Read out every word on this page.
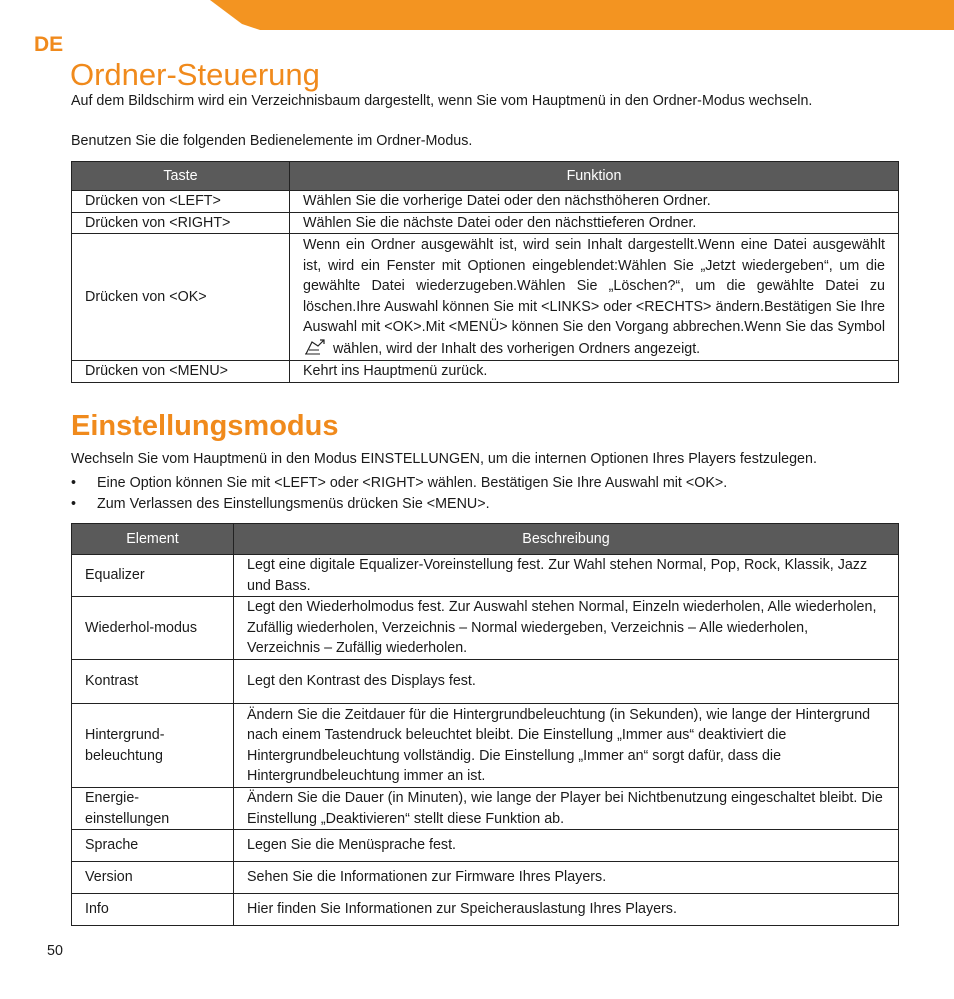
DE
Ordner-Steuerung

Auf dem Bildschirm wird ein Verzeichnisbaum dargestellt, wenn Sie vom Hauptmenü in den Ordner-Modus wechseln.

Benutzen Sie die folgenden Bedienelemente im Ordner-Modus.

Taste	Funktion
Drücken von <LEFT>	Wählen Sie die vorherige Datei oder den nächsthöheren Ordner.
Drücken von <RIGHT>	Wählen Sie die nächste Datei oder den nächsttieferen Ordner.
Drücken von <OK>	Wenn ein Ordner ausgewählt ist, wird sein Inhalt dargestellt.Wenn eine Datei ausgewählt ist, wird ein Fenster mit Optionen eingeblendet:Wählen Sie „Jetzt wiedergeben“, um die gewählte Datei wiederzugeben.Wählen Sie „Löschen?“, um die gewählte Datei zu löschen.Ihre Auswahl können Sie mit <LINKS> oder <RECHTS> ändern.Bestätigen Sie Ihre Auswahl mit <OK>.Mit <MENÜ> können Sie den Vorgang abbrechen.Wenn Sie das Symbol  wählen, wird der Inhalt des vorherigen Ordners angezeigt.
Drücken von <MENU>	Kehrt ins Hauptmenü zurück.
Einstellungsmodus

Wechseln Sie vom Hauptmenü in den Modus EINSTELLUNGEN, um die internen Optionen Ihres Players festzulegen.

• Eine Option können Sie mit <LEFT> oder <RIGHT> wählen. Bestätigen Sie Ihre Auswahl mit <OK>.
• Zum Verlassen des Einstellungsmenüs drücken Sie <MENU>.
Element	Beschreibung
Equalizer	Legt eine digitale Equalizer-Voreinstellung fest. Zur Wahl stehen Normal, Pop, Rock, Klassik, Jazz und Bass.
Wiederhol-modus	Legt den Wiederholmodus fest. Zur Auswahl stehen Normal, Einzeln wiederholen, Alle wiederholen, Zufällig wiederholen, Verzeichnis – Normal wiedergeben, Verzeichnis – Alle wiederholen, Verzeichnis – Zufällig wiederholen.
Kontrast	Legt den Kontrast des Displays fest.

Hintergrund-beleuchtung	Ändern Sie die Zeitdauer für die Hintergrundbeleuchtung (in Sekunden), wie lange der Hintergrund nach einem Tastendruck beleuchtet bleibt. Die Einstellung „Immer aus“ deaktiviert die Hintergrundbeleuchtung vollständig. Die Einstellung „Immer an“ sorgt dafür, dass die Hintergrundbeleuchtung immer an ist.

Energie-einstellungen	Ändern Sie die Dauer (in Minuten), wie lange der Player bei Nichtbenutzung eingeschaltet bleibt. Die Einstellung „Deaktivieren“ stellt diese Funktion ab.
Sprache	Legen Sie die Menüsprache fest.
Version	Sehen Sie die Informationen zur Firmware Ihres Players.
Info	Hier finden Sie Informationen zur Speicherauslastung Ihres Players.
50
